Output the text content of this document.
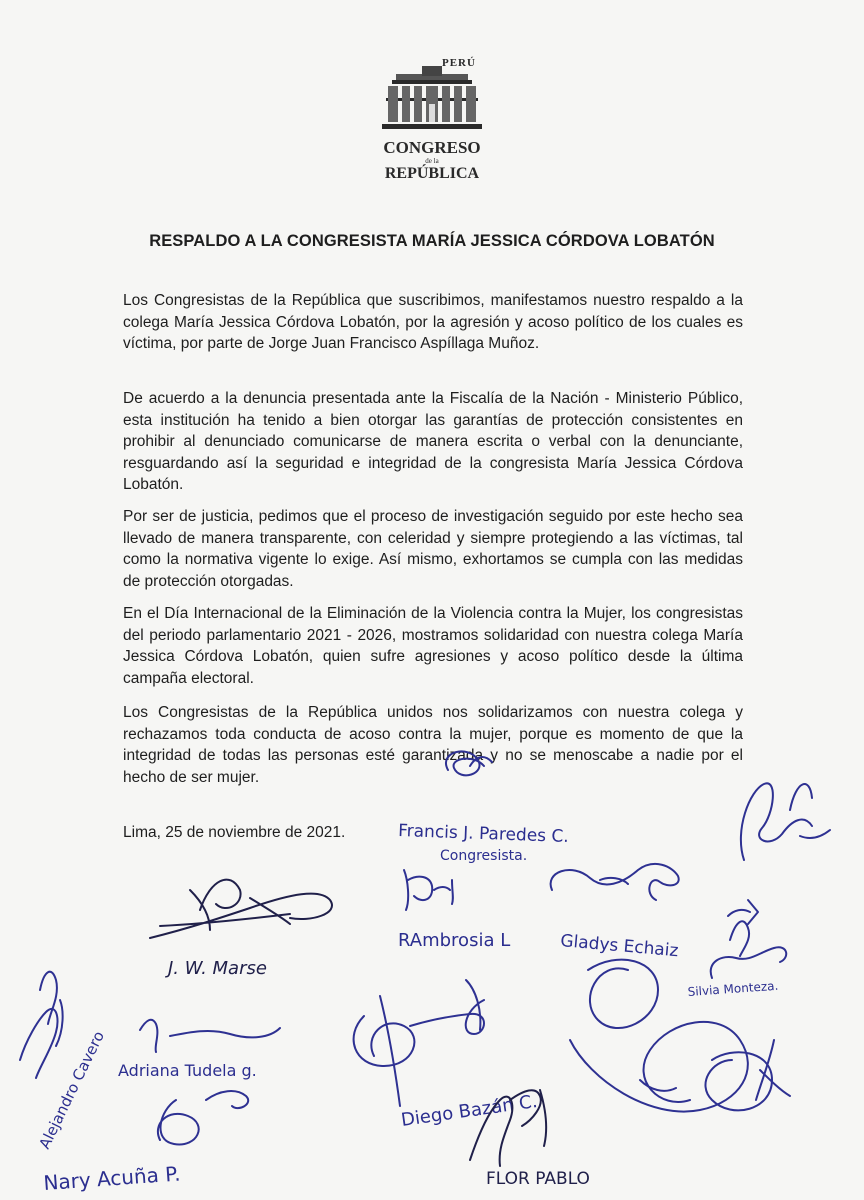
PERÚ
CONGRESO
de la
REPÚBLICA
RESPALDO A LA CONGRESISTA MARÍA JESSICA CÓRDOVA LOBATÓN

Los Congresistas de la República que suscribimos, manifestamos nuestro respaldo a la colega María Jessica Córdova Lobatón, por la agresión y acoso político de los cuales es víctima, por parte de Jorge Juan Francisco Aspíllaga Muñoz.

De acuerdo a la denuncia presentada ante la Fiscalía de la Nación - Ministerio Público, esta institución ha tenido a bien otorgar las garantías de protección consistentes en prohibir al denunciado comunicarse de manera escrita o verbal con la denunciante, resguardando así la seguridad e integridad de la congresista María Jessica Córdova Lobatón.

Por ser de justicia, pedimos que el proceso de investigación seguido por este hecho sea llevado de manera transparente, con celeridad y siempre protegiendo a las víctimas, tal como la normativa vigente lo exige. Así mismo, exhortamos se cumpla con las medidas de protección otorgadas.

En el Día Internacional de la Eliminación de la Violencia contra la Mujer, los congresistas del periodo parlamentario 2021 - 2026, mostramos solidaridad con nuestra colega María Jessica Córdova Lobatón, quien sufre agresiones y acoso político desde la última campaña electoral.

Los Congresistas de la República unidos nos solidarizamos con nuestra colega y rechazamos toda conducta de acoso contra la mujer, porque es momento de que la integridad de todas las personas esté garantizada y no se menoscabe a nadie por el hecho de ser mujer.

Lima, 25 de noviembre de 2021.	Francis J. Paredes C.
Congresista.
RAmbrosia L	Gladys Echaiz
J. W. Marse
Alejandro Cavero Adriana Tudela g.
Diego Bazán C.
Silvia Monteza.
Nary Acuña P.	FLOR PABLO
